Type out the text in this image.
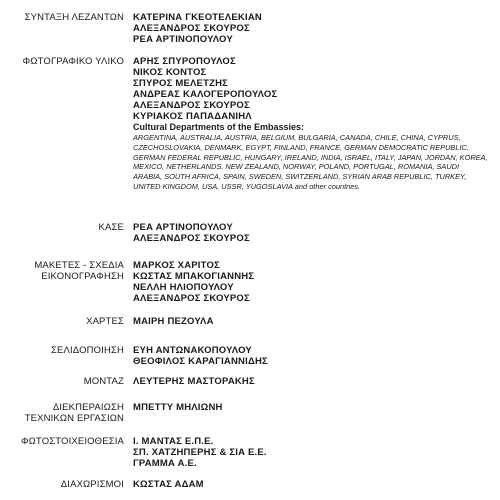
ΣΥΝΤΑΞΗ ΛΕΖΑΝΤΩΝ ΚΑΤΕΡΙΝΑ ΓΚΕΟΤΕΛΕΚΙΑΝ
ΑΛΕΞΑΝΔΡΟΣ ΣΚΟΥΡΟΣ
ΡΕΑ ΑΡΤΙΝΟΠΟΥΛΟΥ
ΦΩΤΟΓΡΑΦΙΚΟ ΥΛΙΚΟ ΑΡΗΣ ΣΠΥΡΟΠΟΥΛΟΣ
ΝΙΚΟΣ ΚΟΝΤΟΣ
ΣΠΥΡΟΣ ΜΕΛΕΤΖΗΣ
ΑΝΔΡΕΑΣ ΚΑΛΟΓΕΡΟΠΟΥΛΟΣ
ΑΛΕΞΑΝΔΡΟΣ ΣΚΟΥΡΟΣ
ΚΥΡΙΑΚΟΣ ΠΑΠΑΔΑΝΙΗΛ
Cultural Departments of the Embassies:
ARGENTINA, AUSTRALIA, AUSTRIA, BELGIUM, BULGARIA, CANADA, CHILE, CHINA, CYPRUS, CZECHOSLOVAKIA, DENMARK, EGYPT, FINLAND, FRANCE, GERMAN DEMOCRATIC REPUBLIC, GERMAN FEDERAL REPUBLIC, HUNGARY, IRELAND, INDIA, ISRAEL, ITALY, JAPAN, JORDAN, KOREA, MEXICO, NETHERLANDS, NEW ZEALAND, NORWAY, POLAND, PORTUGAL, ROMANIA, SAUDI ARABIA, SOUTH AFRICA, SPAIN, SWEDEN, SWITZERLAND, SYRIAN ARAB REPUBLIC, TURKEY, UNITED KINGDOM, USA, USSR, YUGOSLAVIA and other countries.
ΚΑΣΕ ΡΕΑ ΑΡΤΙΝΟΠΟΥΛΟΥ
ΑΛΕΞΑΝΔΡΟΣ ΣΚΟΥΡΟΣ
ΜΑΚΕΤΕΣ - ΣΧΕΔΙΑ
ΕΙΚΟΝΟΓΡΑΦΗΣΗ
ΜΑΡΚΟΣ ΧΑΡΙΤΟΣ
ΚΩΣΤΑΣ ΜΠΑΚΟΓΙΑΝΝΗΣ
ΝΕΛΛΗ ΗΛΙΟΠΟΥΛΟΥ
ΑΛΕΞΑΝΔΡΟΣ ΣΚΟΥΡΟΣ
ΧΑΡΤΕΣ ΜΑΙΡΗ ΠΕΖΟΥΛΑ
ΣΕΛΙΔΟΠΟΙΗΣΗ ΕΥΗ ΑΝΤΩΝΑΚΟΠΟΥΛΟΥ
ΘΕΟΦΙΛΟΣ ΚΑΡΑΓΙΑΝΝΙΔΗΣ
ΜΟΝΤΑΖ ΛΕΥΤΕΡΗΣ ΜΑΣΤΟΡΑΚΗΣ
ΔΙΕΚΠΕΡΑΙΩΣΗ
ΤΕΧΝΙΚΩΝ ΕΡΓΑΣΙΩΝ
ΜΠΕΤΤΥ ΜΗΛΙΩΝΗ
ΦΩΤΟΣΤΟΙΧΕΙΟΘΕΣΙΑ Ι. ΜΑΝΤΑΣ Ε.Π.Ε.
ΣΠ. ΧΑΤΖΗΠΕΡΗΣ & ΣΙΑ Ε.Ε.
ΓΡΑΜΜΑ Α.Ε.
ΔΙΑΧΩΡΙΣΜΟΙ ΚΩΣΤΑΣ ΑΔΑΜ
